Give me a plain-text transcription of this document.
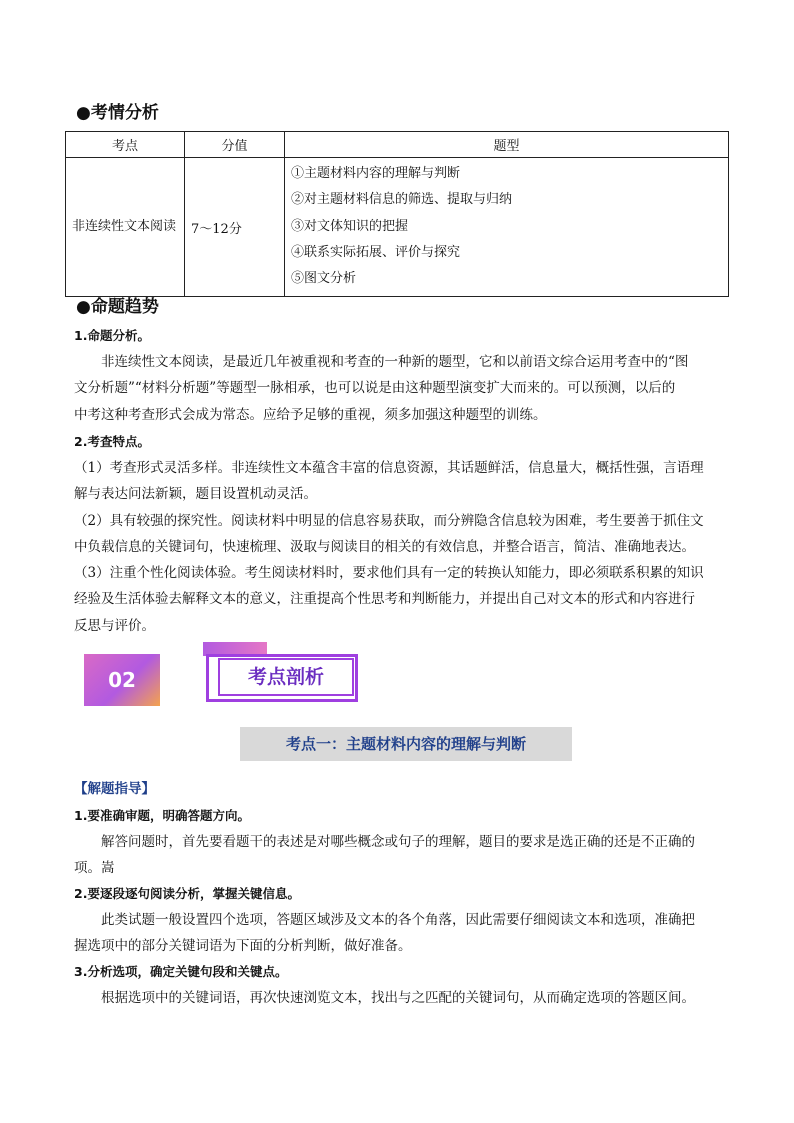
●考情分析
考点	分值	题型
非连续性文本阅读	7～12分	①主题材料内容的理解与判断
②对主题材料信息的筛选、提取与归纳
③对文体知识的把握
④联系实际拓展、评价与探究
⑤图文分析
●命题趋势
1.命题分析。
非连续性文本阅读，是最近几年被重视和考查的一种新的题型，它和以前语文综合运用考查中的“图
文分析题”“材料分析题”等题型一脉相承，也可以说是由这种题型演变扩大而来的。可以预测，以后的
中考这种考查形式会成为常态。应给予足够的重视，须多加强这种题型的训练。
2.考查特点。
（1）考查形式灵活多样。非连续性文本蕴含丰富的信息资源，其话题鲜活，信息量大，概括性强，言语理
解与表达问法新颖，题目设置机动灵活。
（2）具有较强的探究性。阅读材料中明显的信息容易获取，而分辨隐含信息较为困难，考生要善于抓住文
中负载信息的关键词句，快速梳理、汲取与阅读目的相关的有效信息，并整合语言，简洁、准确地表达。
（3）注重个性化阅读体验。考生阅读材料时，要求他们具有一定的转换认知能力，即必须联系积累的知识
经验及生活体验去解释文本的意义，注重提高个性思考和判断能力，并提出自己对文本的形式和内容进行
反思与评价。
02	考点剖析
考点一：主题材料内容的理解与判断
【解题指导】
1.要准确审题，明确答题方向。
解答问题时，首先要看题干的表述是对哪些概念或句子的理解，题目的要求是选正确的还是不正确的
项。嵩
2.要逐段逐句阅读分析，掌握关键信息。
此类试题一般设置四个选项，答题区域涉及文本的各个角落，因此需要仔细阅读文本和选项，准确把
握选项中的部分关键词语为下面的分析判断，做好准备。
3.分析选项，确定关键句段和关键点。
根据选项中的关键词语，再次快速浏览文本，找出与之匹配的关键词句，从而确定选项的答题区间。
